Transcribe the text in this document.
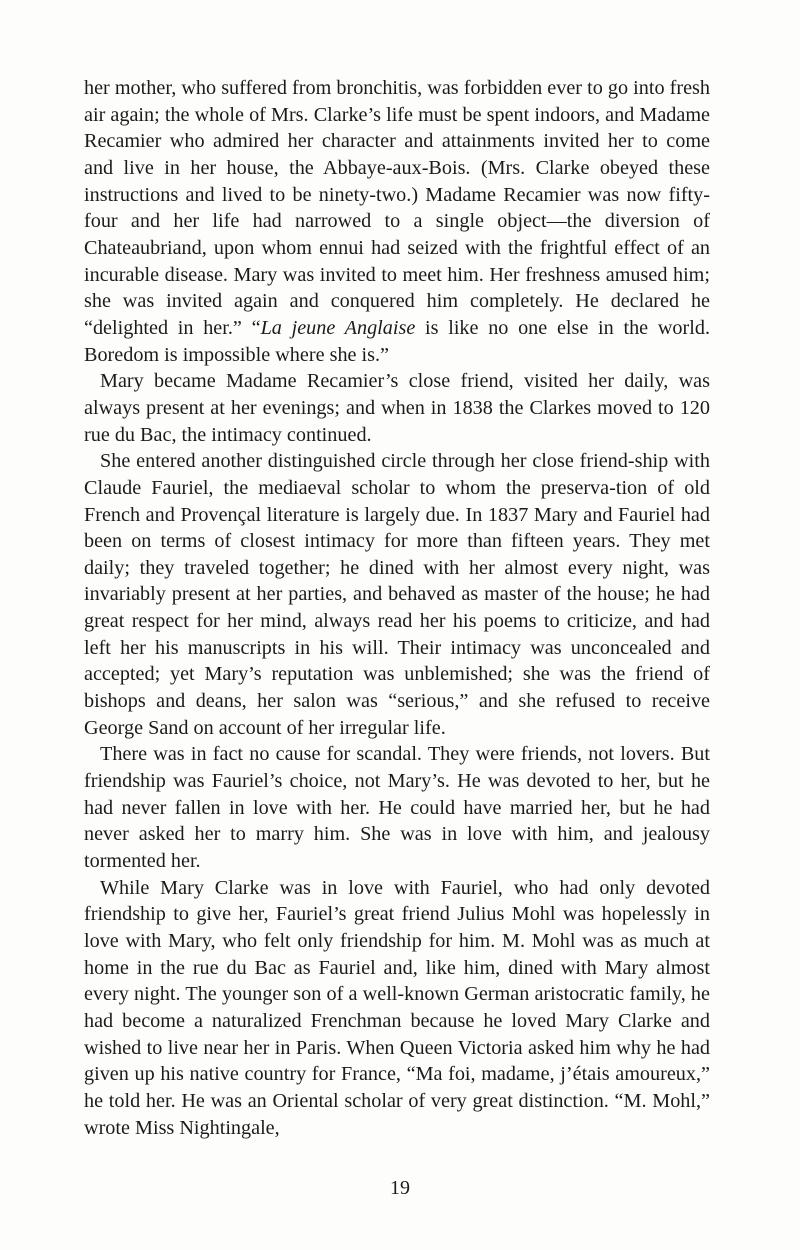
her mother, who suffered from bronchitis, was forbidden ever to go into fresh air again; the whole of Mrs. Clarke’s life must be spent indoors, and Madame Recamier who admired her character and attainments invited her to come and live in her house, the Abbaye-aux-Bois. (Mrs. Clarke obeyed these instructions and lived to be ninety-two.) Madame Recamier was now fifty-four and her life had narrowed to a single object—the diversion of Chateaubriand, upon whom ennui had seized with the frightful effect of an incurable disease. Mary was invited to meet him. Her freshness amused him; she was invited again and conquered him completely. He declared he “delighted in her.” “La jeune Anglaise is like no one else in the world. Boredom is impossible where she is.”

Mary became Madame Recamier’s close friend, visited her daily, was always present at her evenings; and when in 1838 the Clarkes moved to 120 rue du Bac, the intimacy continued.

She entered another distinguished circle through her close friend-ship with Claude Fauriel, the mediaeval scholar to whom the preserva-tion of old French and Provençal literature is largely due. In 1837 Mary and Fauriel had been on terms of closest intimacy for more than fifteen years. They met daily; they traveled together; he dined with her almost every night, was invariably present at her parties, and behaved as master of the house; he had great respect for her mind, always read her his poems to criticize, and had left her his manuscripts in his will. Their intimacy was unconcealed and accepted; yet Mary’s reputation was unblemished; she was the friend of bishops and deans, her salon was “serious,” and she refused to receive George Sand on account of her irregular life.

There was in fact no cause for scandal. They were friends, not lovers. But friendship was Fauriel’s choice, not Mary’s. He was devoted to her, but he had never fallen in love with her. He could have married her, but he had never asked her to marry him. She was in love with him, and jealousy tormented her.

While Mary Clarke was in love with Fauriel, who had only devoted friendship to give her, Fauriel’s great friend Julius Mohl was hopelessly in love with Mary, who felt only friendship for him. M. Mohl was as much at home in the rue du Bac as Fauriel and, like him, dined with Mary almost every night. The younger son of a well-known German aristocratic family, he had become a naturalized Frenchman because he loved Mary Clarke and wished to live near her in Paris. When Queen Victoria asked him why he had given up his native country for France, “Ma foi, madame, j’étais amoureux,” he told her. He was an Oriental scholar of very great distinction. “M. Mohl,” wrote Miss Nightingale,

19
